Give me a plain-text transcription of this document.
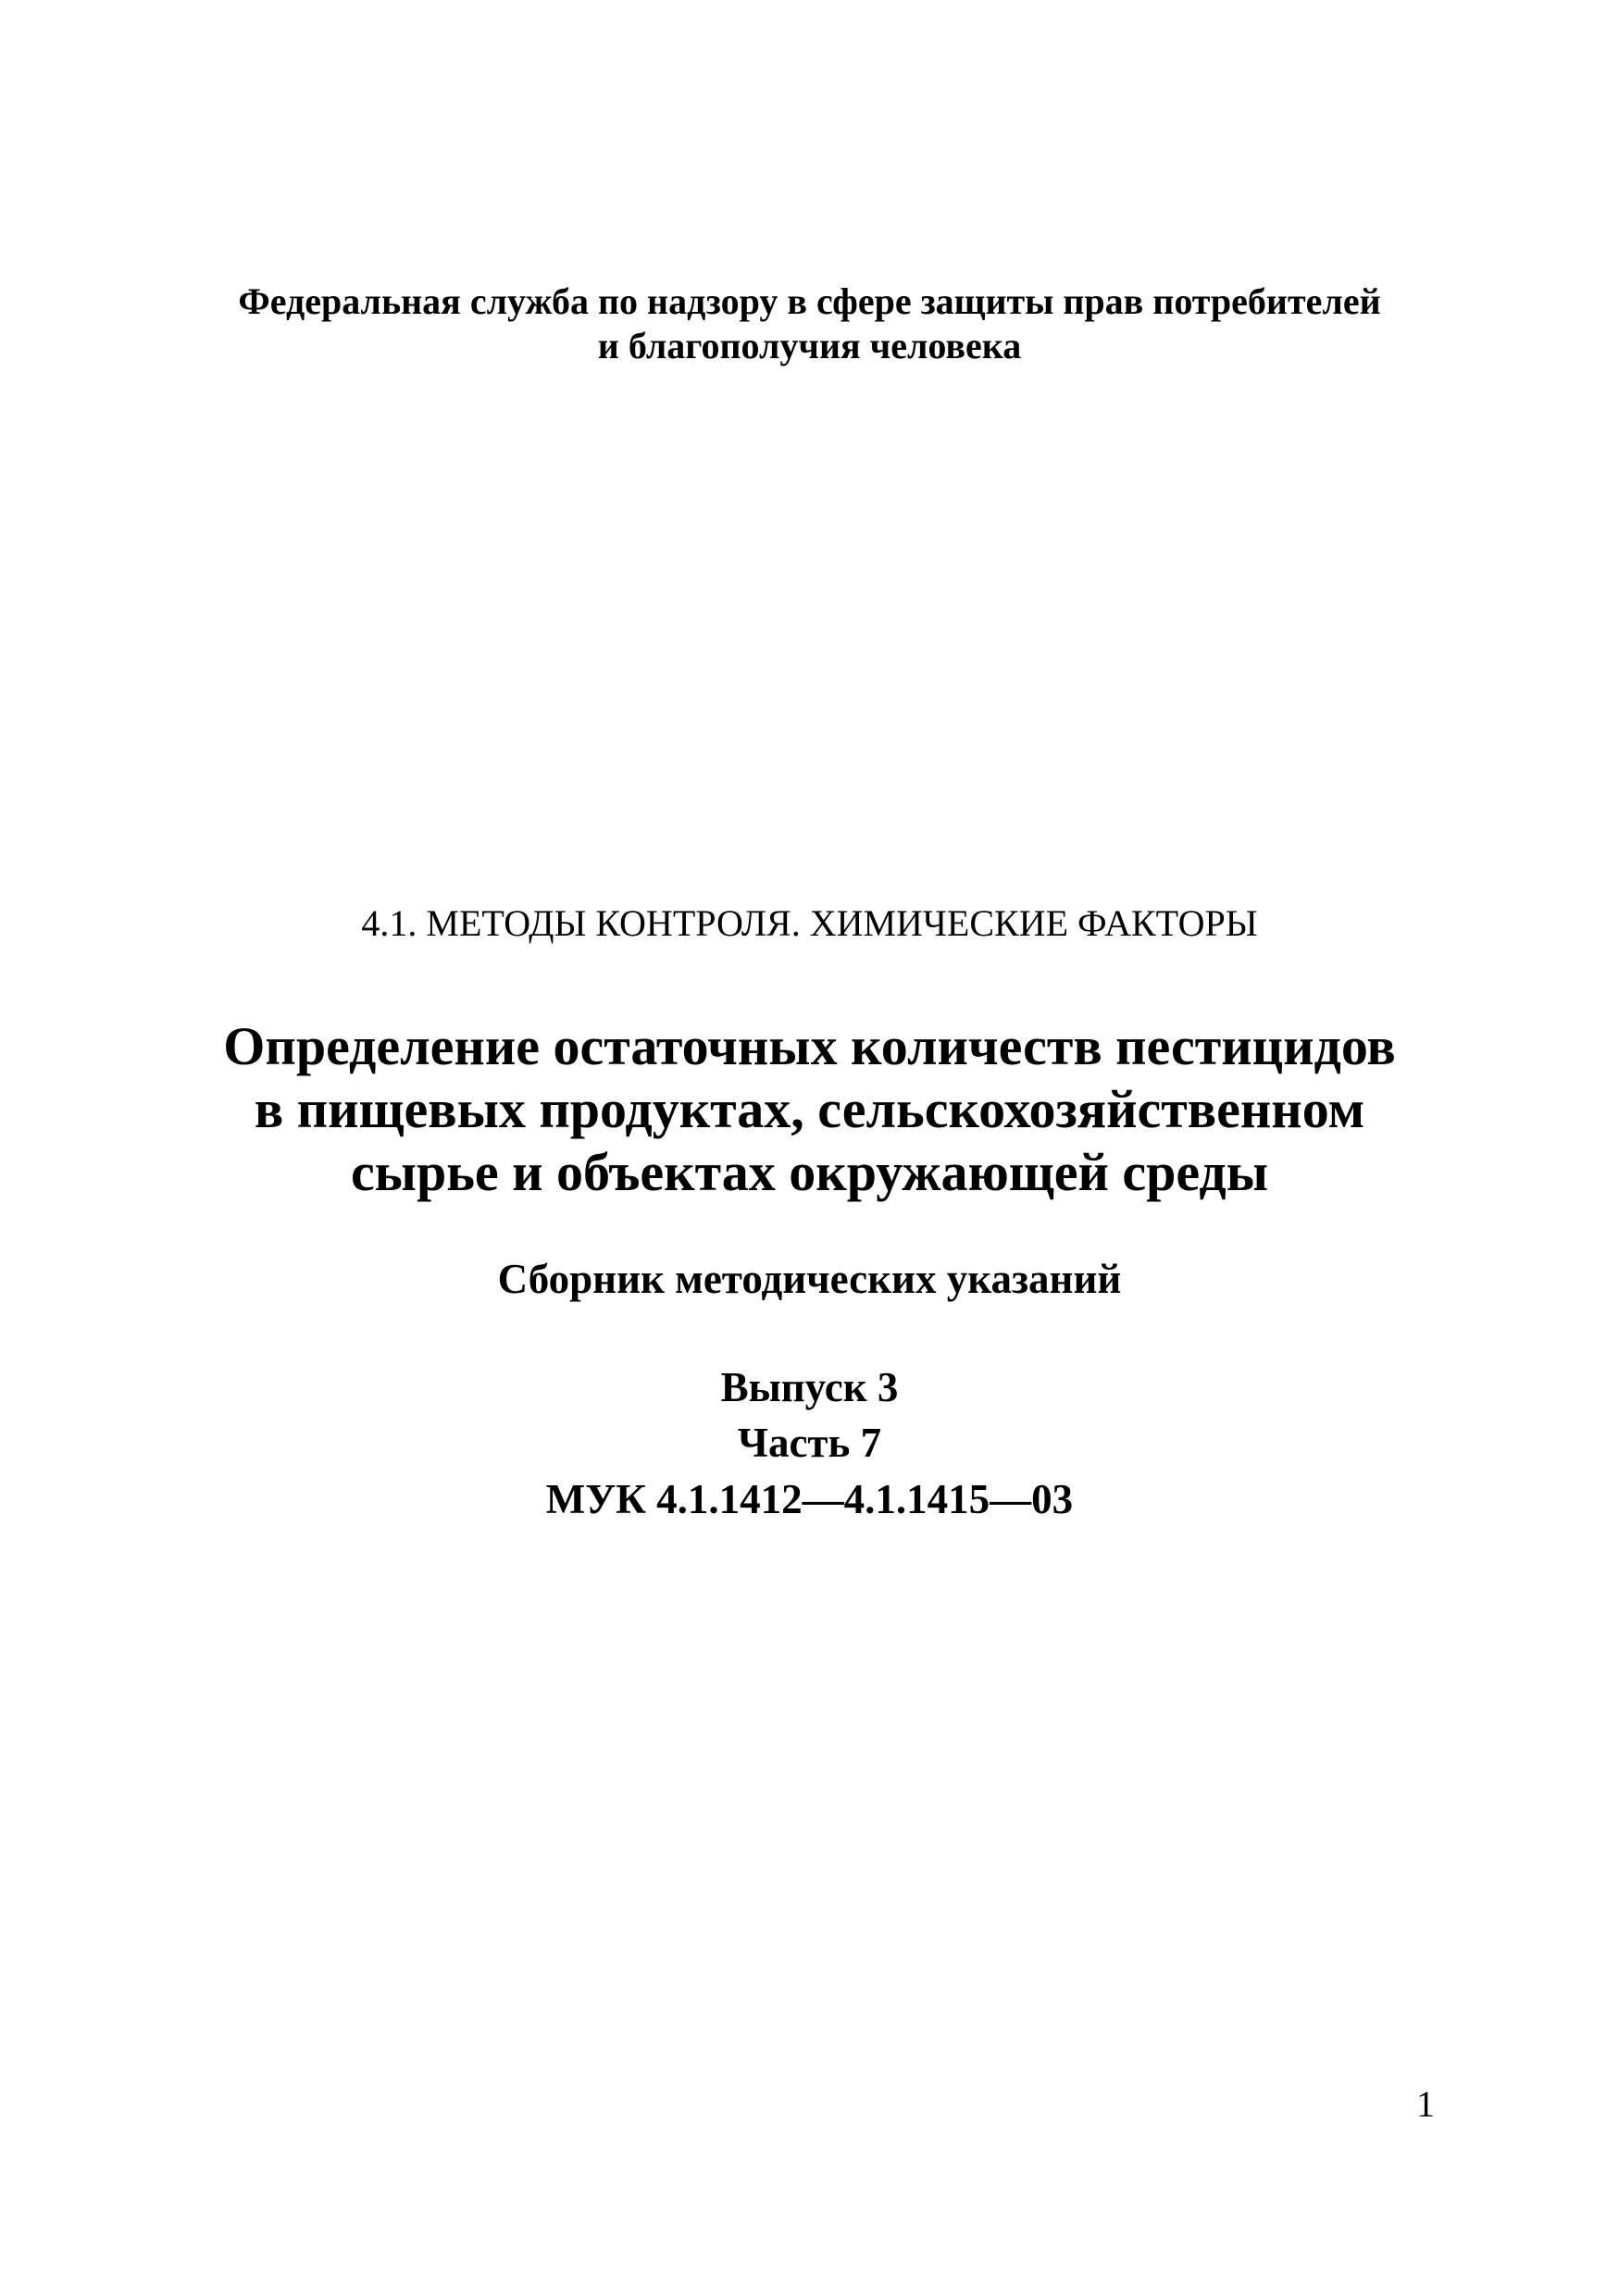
Федеральная служба по надзору в сфере защиты прав потребителей
и благополучия человека
4.1. МЕТОДЫ КОНТРОЛЯ. ХИМИЧЕСКИЕ ФАКТОРЫ
Определение остаточных количеств пестицидов
в пищевых продуктах, сельскохозяйственном
сырье и объектах окружающей среды
Сборник методических указаний
Выпуск 3
Часть 7
МУК 4.1.1412—4.1.1415—03
1
